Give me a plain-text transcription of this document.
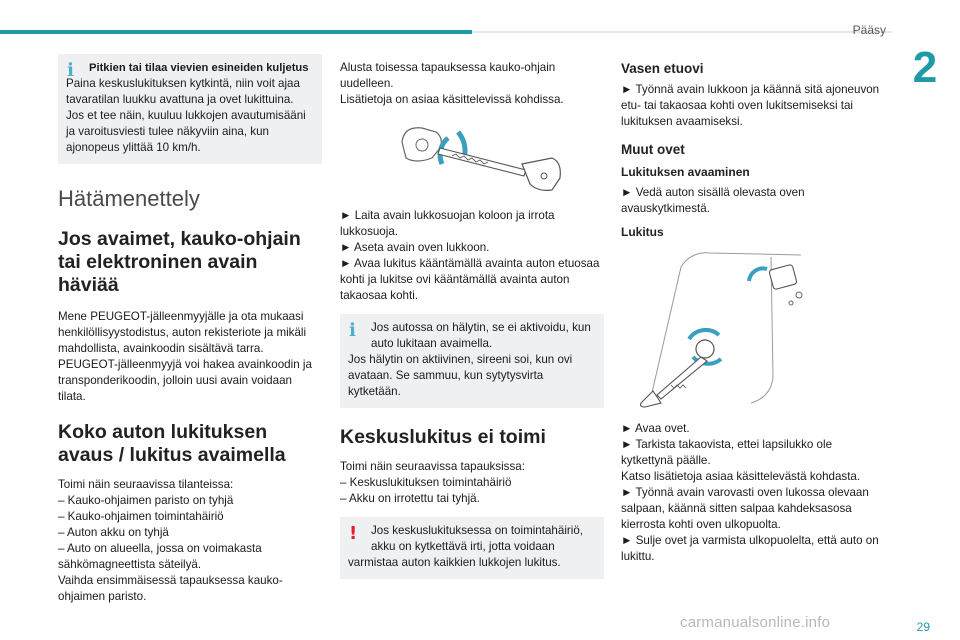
Pääsy
2
ℹ	Pitkien tai tilaa vievien esineiden kuljetus
Paina keskuslukituksen kytkintä, niin voit ajaa tavaratilan luukku avattuna ja ovet lukittuina. Jos et tee näin, kuuluu lukkojen avautumisääni ja varoitusviesti tulee näkyviin aina, kun ajonopeus ylittää 10 km/h.
Hätämenettely
Jos avaimet, kauko-ohjain tai elektroninen avain häviää
Mene PEUGEOT-jälleenmyyjälle ja ota mukaasi henkilöllisyystodistus, auton rekisteriote ja mikäli mahdollista, avainkoodin sisältävä tarra.
PEUGEOT-jälleenmyyjä voi hakea avainkoodin ja transponderikoodin, jolloin uusi avain voidaan tilata.
Koko auton lukituksen avaus / lukitus avaimella
Toimi näin seuraavissa tilanteissa:
– Kauko-ohjaimen paristo on tyhjä
– Kauko-ohjaimen toimintahäiriö
– Auton akku on tyhjä
– Auto on alueella, jossa on voimakasta sähkömagneettista säteilyä.
Vaihda ensimmäisessä tapauksessa kauko-ohjaimen paristo.
Alusta toisessa tapauksessa kauko-ohjain uudelleen.
Lisätietoja on asiaa käsittelevissä kohdissa.
► Laita avain lukkosuojan koloon ja irrota lukkosuoja.
► Aseta avain oven lukkoon.
► Avaa lukitus kääntämällä avainta auton etuosaa kohti ja lukitse ovi kääntämällä avainta auton takaosaa kohti.
ℹ	Jos autossa on hälytin, se ei aktivoidu, kun auto lukitaan avaimella.
Jos hälytin on aktiivinen, sireeni soi, kun ovi avataan. Se sammuu, kun sytytysvirta kytketään.
Keskuslukitus ei toimi
Toimi näin seuraavissa tapauksissa:
– Keskuslukituksen toimintahäiriö
– Akku on irrotettu tai tyhjä.
!	Jos keskuslukituksessa on toimintahäiriö, akku on kytkettävä irti, jotta voidaan
varmistaa auton kaikkien lukkojen lukitus.
Vasen etuovi
► Työnnä avain lukkoon ja käännä sitä ajoneuvon etu- tai takaosaa kohti oven lukitsemiseksi tai lukituksen avaamiseksi.
Muut ovet
Lukituksen avaaminen
► Vedä auton sisällä olevasta oven avauskytkimestä.
Lukitus
► Avaa ovet.
► Tarkista takaovista, ettei lapsilukko ole kytkettynä päälle.
Katso lisätietoja asiaa käsittelevästä kohdasta.
► Työnnä avain varovasti oven lukossa olevaan salpaan, käännä sitten salpaa kahdeksasosa kierrosta kohti oven ulkopuolta.
► Sulje ovet ja varmista ulkopuolelta, että auto on lukittu.
carmanualsonline.info	29
